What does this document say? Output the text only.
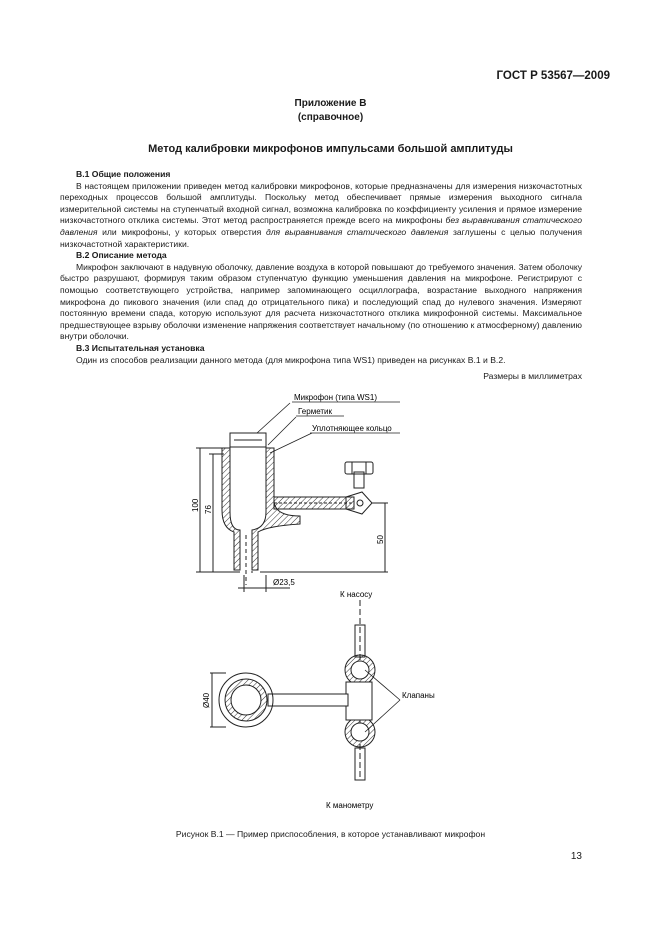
ГОСТ Р 53567—2009
Приложение В
(справочное)
Метод калибровки микрофонов импульсами большой амплитуды
В.1 Общие положения

В настоящем приложении приведен метод калибровки микрофонов, которые предназначены для измерения низкочастотных переходных процессов большой амплитуды. Поскольку метод обеспечивает прямые измерения выходного сигнала измерительной системы на ступенчатый входной сигнал, возможна калибровка по коэффициенту усиления и прямое измерение низкочастотного отклика системы. Этот метод распространяется прежде всего на микрофоны без выравнивания статического давления или микрофоны, у которых отверстия для выравнивания статического давления заглушены с целью получения низкочастотной характеристики.

В.2 Описание метода

Микрофон заключают в надувную оболочку, давление воздуха в которой повышают до требуемого значения. Затем оболочку быстро разрушают, формируя таким образом ступенчатую функцию уменьшения давления на микрофоне. Регистрируют с помощью соответствующего устройства, например запоминающего осциллографа, возрастание выходного напряжения микрофона до пикового значения (или спад до отрицательного пика) и последующий спад до нулевого значения. Измеряют постоянную времени спада, которую используют для расчета низкочастотного отклика микрофонной системы. Максимальное предшествующее взрыву оболочки изменение напряжения соответствует начальному (по отношению к атмосферному) давлению внутри оболочки.

В.3 Испытательная установка

Один из способов реализации данного метода (для микрофона типа WS1) приведен на рисунках В.1 и В.2.

Размеры в миллиметрах
Микрофон (типа WS1)
Герметик
Уплотняющее кольцо
100 76
50
Ø23,5
Ø40
К насосу
Клапаны
К манометру
Рисунок В.1 — Пример приспособления, в которое устанавливают микрофон
13
